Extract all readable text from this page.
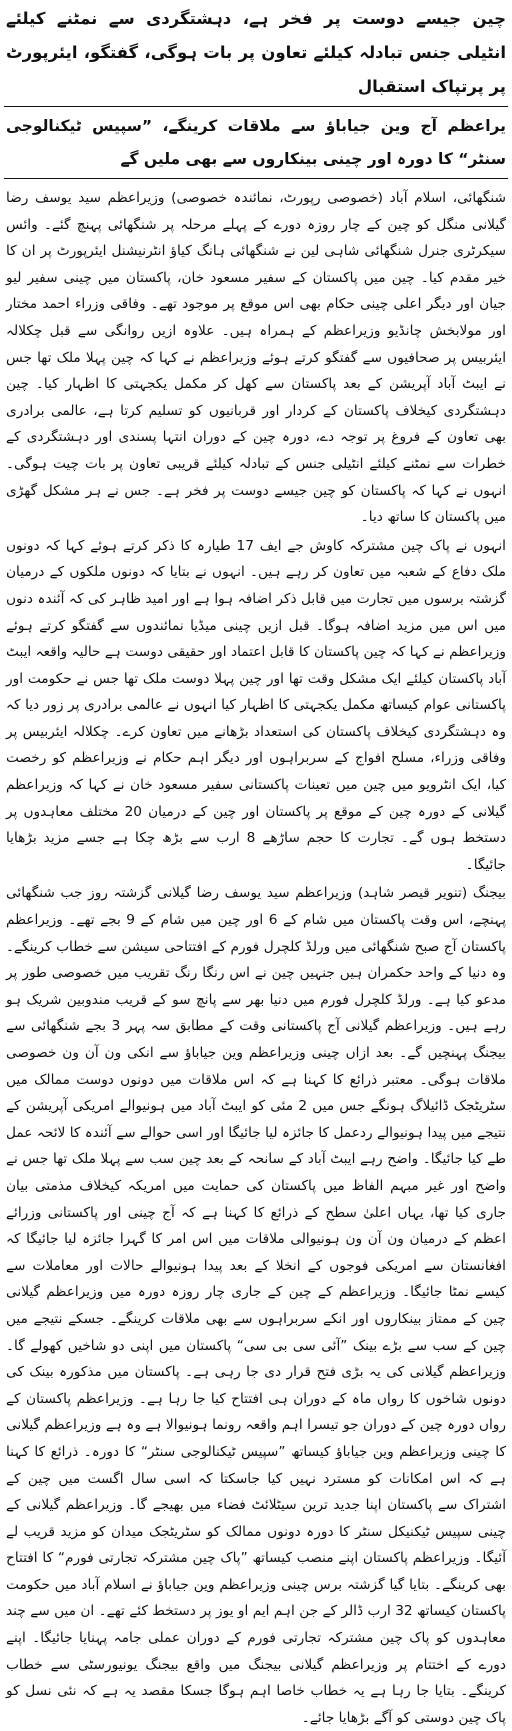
چین جیسے دوست پر فخر ہے، دہشتگردی سے نمٹنے کیلئے انٹیلی جنس تبادلہ کیلئے تعاون پر بات ہوگی، گفتگو، ایئرپورٹ پر پرتپاک استقبال
یراعظم آج وین جیاباؤ سے ملاقات کرینگے، ”سپیس ٹیکنالوجی سنٹر“ کا دورہ اور چینی بینکاروں سے بھی ملیں گے

شنگھائی، اسلام آباد (خصوصی رپورٹ، نمائندہ خصوصی) وزیراعظم سید یوسف رضا گیلانی منگل کو چین کے چار روزہ دورے کے پہلے مرحلہ پر شنگھائی پہنچ گئے۔ وائس سیکرٹری جنرل شنگھائی شاہی لین نے شنگھائی ہانگ کیاؤ انٹرنیشنل ایئرپورٹ پر ان کا خیر مقدم کیا۔ چین میں پاکستان کے سفیر مسعود خان، پاکستان میں چینی سفیر لیو جیان اور دیگر اعلی چینی حکام بھی اس موقع پر موجود تھے۔ وفاقی وزراء احمد مختار اور مولابخش چانڈیو وزیراعظم کے ہمراہ ہیں۔ علاوہ ازیں روانگی سے قبل چکلالہ ایئربیس پر صحافیوں سے گفتگو کرتے ہوئے وزیراعظم نے کہا کہ چین پہلا ملک تھا جس نے ایبٹ آباد آپریشن کے بعد پاکستان سے کھل کر مکمل یکجہتی کا اظہار کیا۔ چین دہشتگردی کیخلاف پاکستان کے کردار اور قربانیوں کو تسلیم کرتا ہے، عالمی برادری بھی تعاون کے فروغ پر توجہ دے، دورہ چین کے دوران انتہا پسندی اور دہشتگردی کے خطرات سے نمٹنے کیلئے انٹیلی جنس کے تبادلہ کیلئے قریبی تعاون پر بات چیت ہوگی۔ انہوں نے کہا کہ پاکستان کو چین جیسے دوست پر فخر ہے۔ جس نے ہر مشکل گھڑی میں پاکستان کا ساتھ دیا۔

انہوں نے پاک چین مشترکہ کاوش جے ایف 17 طیارہ کا ذکر کرتے ہوئے کہا کہ دونوں ملک دفاع کے شعبہ میں تعاون کر رہے ہیں۔ انہوں نے بتایا کہ دونوں ملکوں کے درمیان گزشتہ برسوں میں تجارت میں قابل ذکر اضافہ ہوا ہے اور امید ظاہر کی کہ آئندہ دنوں میں اس میں مزید اضافہ ہوگا۔ قبل ازیں چینی میڈیا نمائندوں سے گفتگو کرتے ہوئے وزیراعظم نے کہا کہ چین پاکستان کا قابل اعتماد اور حقیقی دوست ہے حالیہ واقعہ ایبٹ آباد پاکستان کیلئے ایک مشکل وقت تھا اور چین پہلا دوست ملک تھا جس نے حکومت اور پاکستانی عوام کیساتھ مکمل یکجہتی کا اظہار کیا انہوں نے عالمی برادری پر زور دیا کہ وہ دہشتگردی کیخلاف پاکستان کی استعداد بڑھانے میں تعاون کرے۔ چکلالہ ایئربیس پر وفاقی وزراء، مسلح افواج کے سربراہوں اور دیگر اہم حکام نے وزیراعظم کو رخصت کیا، ایک انٹرویو میں چین میں تعینات پاکستانی سفیر مسعود خان نے کہا کہ وزیراعظم گیلانی کے دورہ چین کے موقع پر پاکستان اور چین کے درمیان 20 مختلف معاہدوں پر دستخط ہوں گے۔ تجارت کا حجم ساڑھے 8 ارب سے بڑھ چکا ہے جسے مزید بڑھایا جائیگا۔

بیجنگ (تنویر قیصر شاہد) وزیراعظم سید یوسف رضا گیلانی گزشتہ روز جب شنگھائی پہنچے، اس وقت پاکستان میں شام کے 6 اور چین میں شام کے 9 بجے تھے۔ وزیراعظم پاکستان آج صبح شنگھائی میں ورلڈ کلچرل فورم کے افتتاحی سیشن سے خطاب کرینگے۔ وہ دنیا کے واحد حکمران ہیں جنہیں چین نے اس رنگا رنگ تقریب میں خصوصی طور پر مدعو کیا ہے۔ ورلڈ کلچرل فورم میں دنیا بھر سے پانچ سو کے قریب مندوبین شریک ہو رہے ہیں۔ وزیراعظم گیلانی آج پاکستانی وقت کے مطابق سہ پہر 3 بجے شنگھائی سے بیجنگ پہنچیں گے۔ بعد ازاں چینی وزیراعظم وین جیاباؤ سے انکی ون آن ون خصوصی ملاقات ہوگی۔ معتبر ذرائع کا کہنا ہے کہ اس ملاقات میں دونوں دوست ممالک میں سٹریٹجک ڈائیلاگ ہونگے جس میں 2 مئی کو ایبٹ آباد میں ہونیوالے امریکی آپریشن کے نتیجے میں پیدا ہونیوالے ردعمل کا جائزہ لیا جائیگا اور اسی حوالے سے آئندہ کا لائحہ عمل طے کیا جائیگا۔ واضح رہے ایبٹ آباد کے سانحہ کے بعد چین سب سے پہلا ملک تھا جس نے واضح اور غیر مبہم الفاظ میں پاکستان کی حمایت میں امریکہ کیخلاف مذمتی بیان جاری کیا تھا، یہاں اعلیٰ سطح کے ذرائع کا کہنا ہے کہ آج چینی اور پاکستانی وزرائے اعظم کے درمیان ون آن ون ہونیوالی ملاقات میں اس امر کا گہرا جائزہ لیا جائیگا کہ افغانستان سے امریکی فوجوں کے انخلا کے بعد پیدا ہونیوالے حالات اور معاملات سے کیسے نمٹا جائیگا۔ وزیراعظم کے چین کے جاری چار روزہ دورہ میں وزیراعظم گیلانی چین کے ممتاز بینکاروں اور انکے سربراہوں سے بھی ملاقات کرینگے۔ جسکے نتیجے میں چین کے سب سے بڑے بینک ”آئی سی بی سی“ پاکستان میں اپنی دو شاخیں کھولے گا۔ وزیراعظم گیلانی کی یہ بڑی فتح قرار دی جا رہی ہے۔ پاکستان میں مذکورہ بینک کی دونوں شاخوں کا رواں ماہ کے دوران ہی افتتاح کیا جا رہا ہے۔ وزیراعظم پاکستان کے رواں دورہ چین کے دوران جو تیسرا اہم واقعہ رونما ہونیوالا ہے وہ ہے وزیراعظم گیلانی کا چینی وزیراعظم وین جیاباؤ کیساتھ ”سپیس ٹیکنالوجی سنٹر“ کا دورہ۔ ذرائع کا کہنا ہے کہ اس امکانات کو مسترد نہیں کیا جاسکتا کہ اسی سال اگست میں چین کے اشتراک سے پاکستان اپنا جدید ترین سیٹلائٹ فضاء میں بھیجے گا۔ وزیراعظم گیلانی کے چینی سپیس ٹیکنیکل سنٹر کا دورہ دونوں ممالک کو سٹریٹجک میدان کو مزید قریب لے آئیگا۔ وزیراعظم پاکستان اپنے منصب کیساتھ ”پاک چین مشترکہ تجارتی فورم“ کا افتتاح بھی کرینگے۔ بتایا گیا گزشتہ برس چینی وزیراعظم وین جیاباؤ نے اسلام آباد میں حکومت پاکستان کیساتھ 32 ارب ڈالر کے جن اہم ایم او یوز پر دستخط کئے تھے۔ ان میں سے چند معاہدوں کو پاک چین مشترکہ تجارتی فورم کے دوران عملی جامہ پہنایا جائیگا۔ اپنے دورے کے اختتام پر وزیراعظم گیلانی بیجنگ میں واقع بیجنگ یونیورسٹی سے خطاب کرینگے۔ بتایا جا رہا ہے یہ خطاب خاصا اہم ہوگا جسکا مقصد یہ ہے کہ نئی نسل کو پاک چین دوستی کو آگے بڑھایا جائے۔
